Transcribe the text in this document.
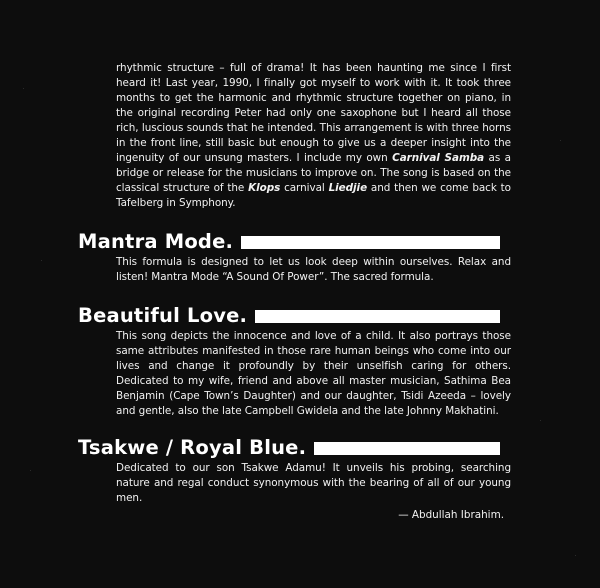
rhythmic structure – full of drama! It has been haunting me since I first heard it! Last year, 1990, I finally got myself to work with it. It took three months to get the harmonic and rhythmic structure together on piano, in the original recording Peter had only one saxophone but I heard all those rich, luscious sounds that he intended. This arrangement is with three horns in the front line, still basic but enough to give us a deeper insight into the ingenuity of our unsung masters. I include my own Carnival Samba as a bridge or release for the musicians to improve on. The song is based on the classical structure of the Klops carnival Liedjie and then we come back to Tafelberg in Symphony.

Mantra Mode.

This formula is designed to let us look deep within ourselves. Relax and listen! Mantra Mode “A Sound Of Power”. The sacred formula.

Beautiful Love.

This song depicts the innocence and love of a child. It also portrays those same attributes manifested in those rare human beings who come into our lives and change it profoundly by their unselfish caring for others. Dedicated to my wife, friend and above all master musician, Sathima Bea Benjamin (Cape Town’s Daughter) and our daughter, Tsidi Azeeda – lovely and gentle, also the late Campbell Gwidela and the late Johnny Makhatini.

Tsakwe / Royal Blue.

Dedicated to our son Tsakwe Adamu! It unveils his probing, searching nature and regal conduct synonymous with the bearing of all of our young men.

— Abdullah Ibrahim.
